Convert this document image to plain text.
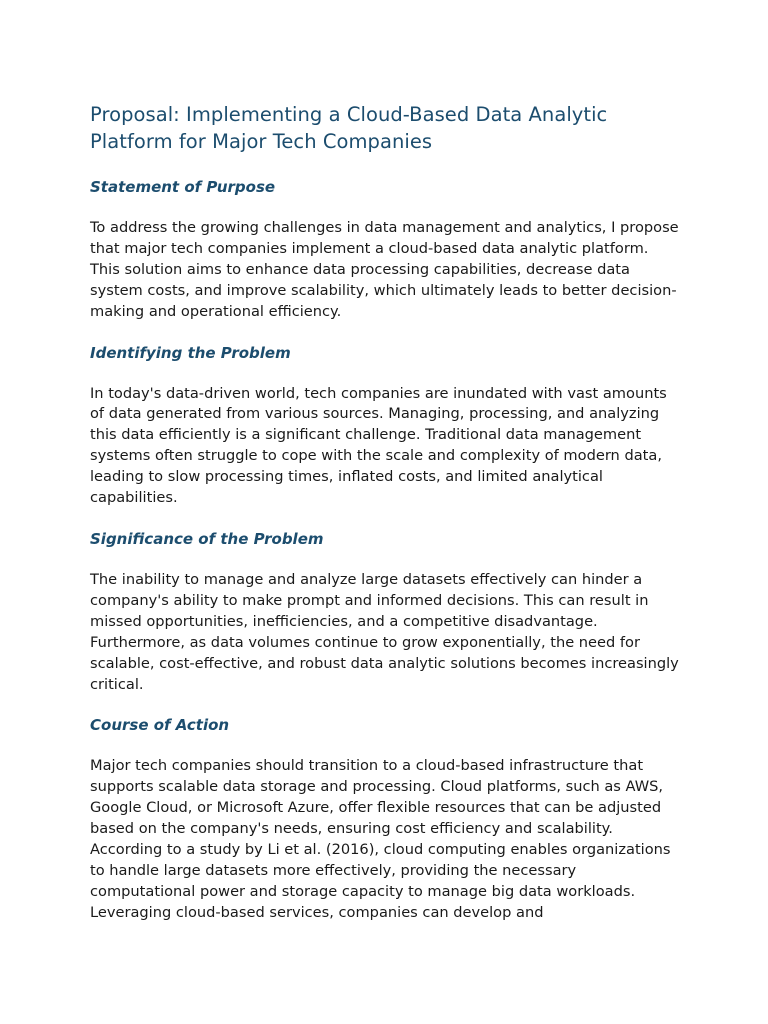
Proposal: Implementing a Cloud-Based Data Analytic Platform for Major Tech Companies
Statement of Purpose

To address the growing challenges in data management and analytics, I propose that major tech companies implement a cloud-based data analytic platform. This solution aims to enhance data processing capabilities, decrease data system costs, and improve scalability, which ultimately leads to better decision-making and operational efficiency.

Identifying the Problem

In today's data-driven world, tech companies are inundated with vast amounts of data generated from various sources. Managing, processing, and analyzing this data efficiently is a significant challenge. Traditional data management systems often struggle to cope with the scale and complexity of modern data, leading to slow processing times, inflated costs, and limited analytical capabilities.

Significance of the Problem

The inability to manage and analyze large datasets effectively can hinder a company's ability to make prompt and informed decisions. This can result in missed opportunities, inefficiencies, and a competitive disadvantage. Furthermore, as data volumes continue to grow exponentially, the need for scalable, cost-effective, and robust data analytic solutions becomes increasingly critical.

Course of Action

Major tech companies should transition to a cloud-based infrastructure that supports scalable data storage and processing. Cloud platforms, such as AWS, Google Cloud, or Microsoft Azure, offer flexible resources that can be adjusted based on the company's needs, ensuring cost efficiency and scalability. According to a study by Li et al. (2016), cloud computing enables organizations to handle large datasets more effectively, providing the necessary computational power and storage capacity to manage big data workloads. Leveraging cloud-based services, companies can develop and
